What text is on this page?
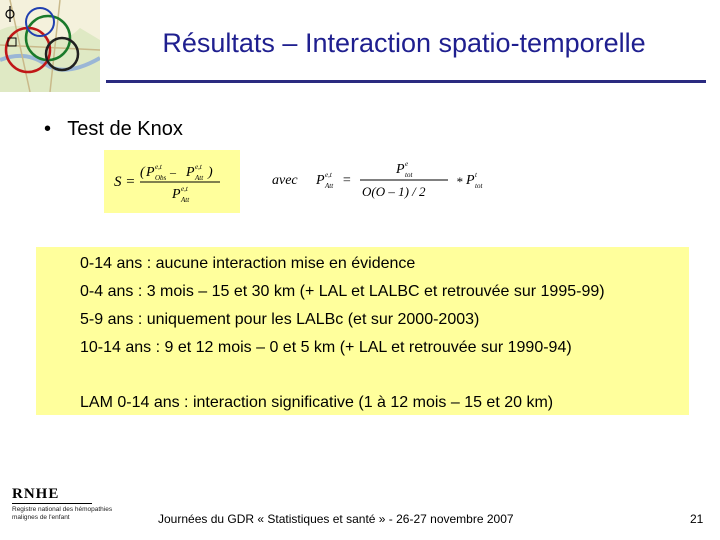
Résultats – Interaction spatio-temporelle
• Test de Knox
S =
( P e,t
Obs – P e,t
Att )
P e,t
Att
avec P e,t
Att =
P e
tot
O(O – 1) / 2
* P t
tot
0-14 ans : aucune interaction mise en évidence
0-4 ans : 3 mois – 15 et 30 km (+ LAL et LALBC et retrouvée sur 1995-99)
5-9 ans : uniquement pour les LALBc (et sur 2000-2003)
10-14 ans : 9 et 12 mois – 0 et 5 km (+ LAL et retrouvée sur 1990-94)
LAM 0-14 ans : interaction significative (1 à 12 mois – 15 et 20 km)
RNHE
Registre national des hémopathies malignes de l'enfant	Journées du GDR « Statistiques et santé » - 26-27 novembre 2007	21
